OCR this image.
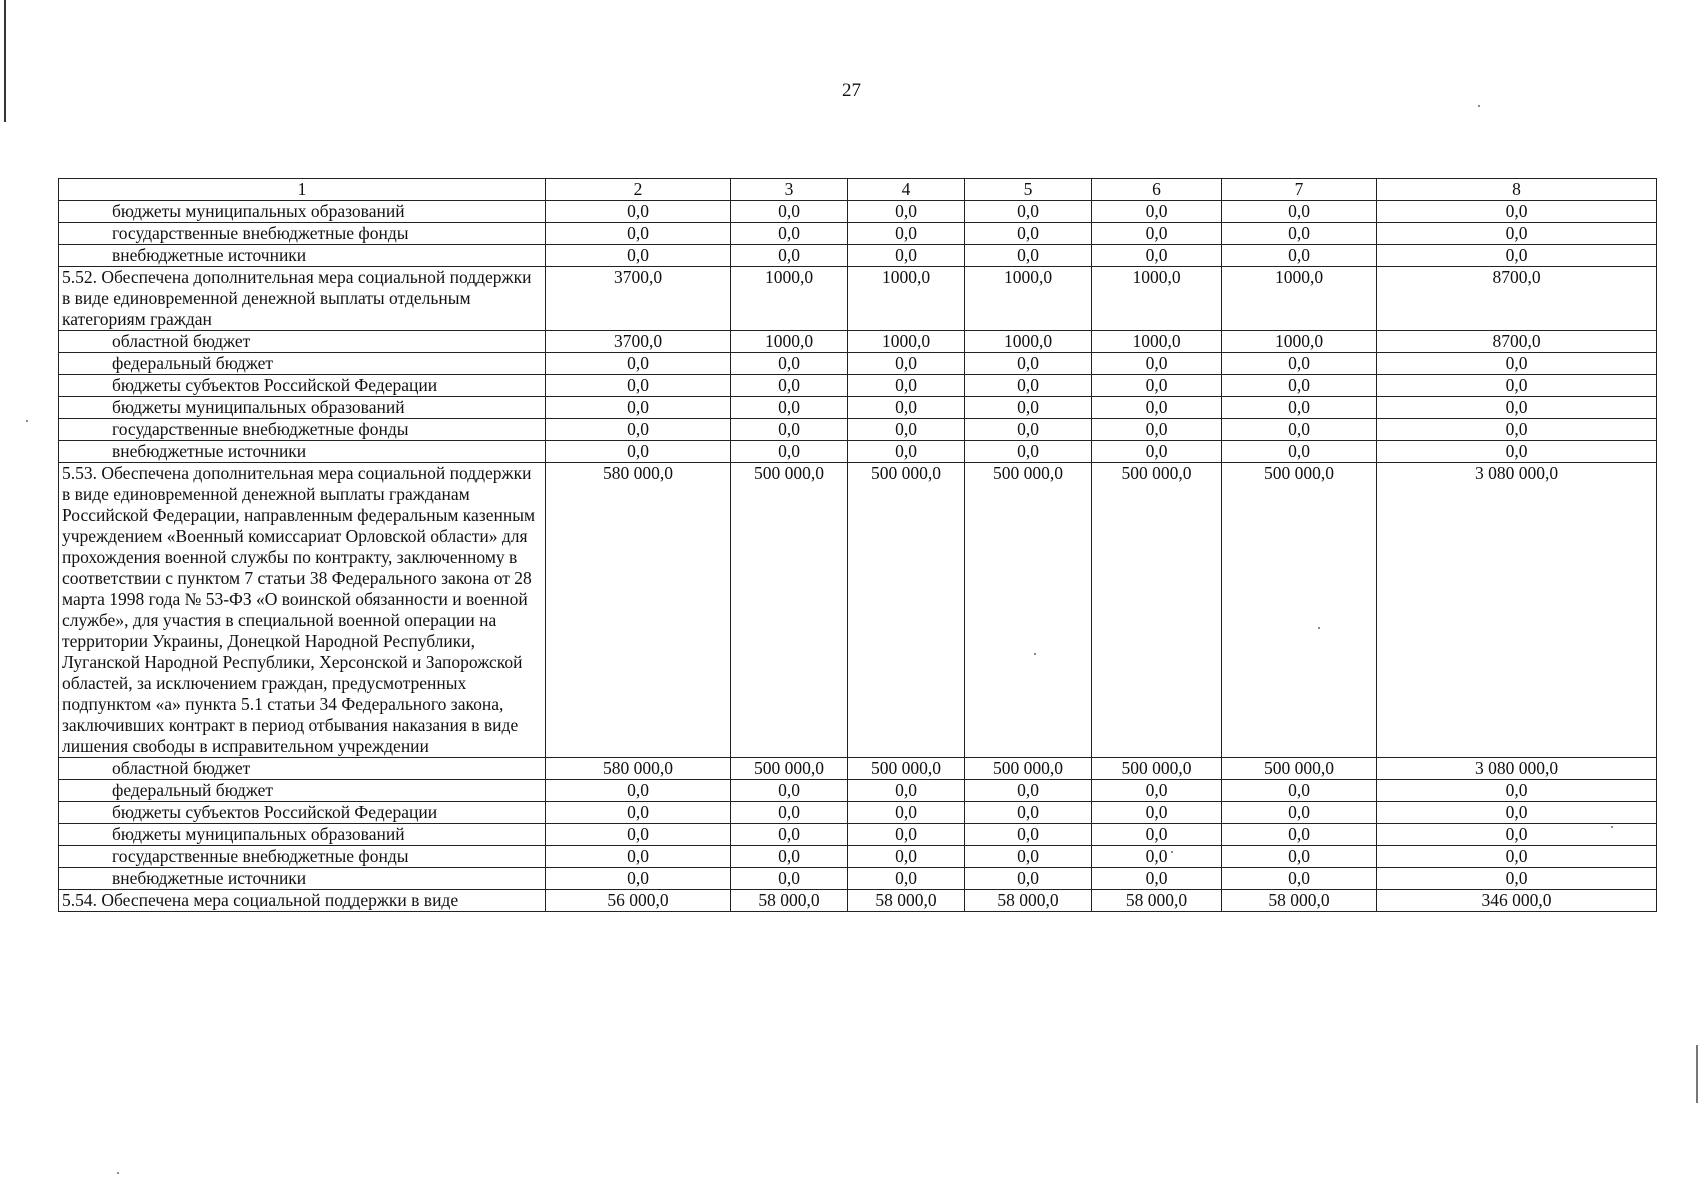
27
1	2	3	4	5	6	7	8
бюджеты муниципальных образований	0,0	0,0	0,0	0,0	0,0	0,0	0,0
государственные внебюджетные фонды	0,0	0,0	0,0	0,0	0,0	0,0	0,0
внебюджетные источники	0,0	0,0	0,0	0,0	0,0	0,0	0,0
5.52. Обеспечена дополнительная мера социальной поддержки в виде единовременной денежной выплаты отдельным категориям граждан	3700,0	1000,0	1000,0	1000,0	1000,0	1000,0	8700,0
областной бюджет	3700,0	1000,0	1000,0	1000,0	1000,0	1000,0	8700,0
федеральный бюджет	0,0	0,0	0,0	0,0	0,0	0,0	0,0
бюджеты субъектов Российской Федерации	0,0	0,0	0,0	0,0	0,0	0,0	0,0
бюджеты муниципальных образований	0,0	0,0	0,0	0,0	0,0	0,0	0,0
государственные внебюджетные фонды	0,0	0,0	0,0	0,0	0,0	0,0	0,0
внебюджетные источники	0,0	0,0	0,0	0,0	0,0	0,0	0,0
5.53. Обеспечена дополнительная мера социальной поддержки в виде единовременной денежной выплаты гражданам Российской Федерации, направленным федеральным казенным учреждением «Военный комиссариат Орловской области» для прохождения военной службы по контракту, заключенному в соответствии с пунктом 7 статьи 38 Федерального закона от 28 марта 1998 года № 53-ФЗ «О воинской обязанности и военной службе», для участия в специальной военной операции на территории Украины, Донецкой Народной Республики, Луганской Народной Республики, Херсонской и Запорожской областей, за исключением граждан, предусмотренных подпунктом «а» пункта 5.1 статьи 34 Федерального закона, заключивших контракт в период отбывания наказания в виде лишения свободы в исправительном учреждении	580 000,0	500 000,0	500 000,0	500 000,0	500 000,0	500 000,0	3 080 000,0
областной бюджет	580 000,0	500 000,0	500 000,0	500 000,0	500 000,0	500 000,0	3 080 000,0
федеральный бюджет	0,0	0,0	0,0	0,0	0,0	0,0	0,0
бюджеты субъектов Российской Федерации	0,0	0,0	0,0	0,0	0,0	0,0	0,0
бюджеты муниципальных образований	0,0	0,0	0,0	0,0	0,0	0,0	0,0
государственные внебюджетные фонды	0,0	0,0	0,0	0,0	0,0	0,0	0,0
внебюджетные источники	0,0	0,0	0,0	0,0	0,0	0,0	0,0
5.54. Обеспечена мера социальной поддержки в виде	56 000,0	58 000,0	58 000,0	58 000,0	58 000,0	58 000,0	346 000,0
